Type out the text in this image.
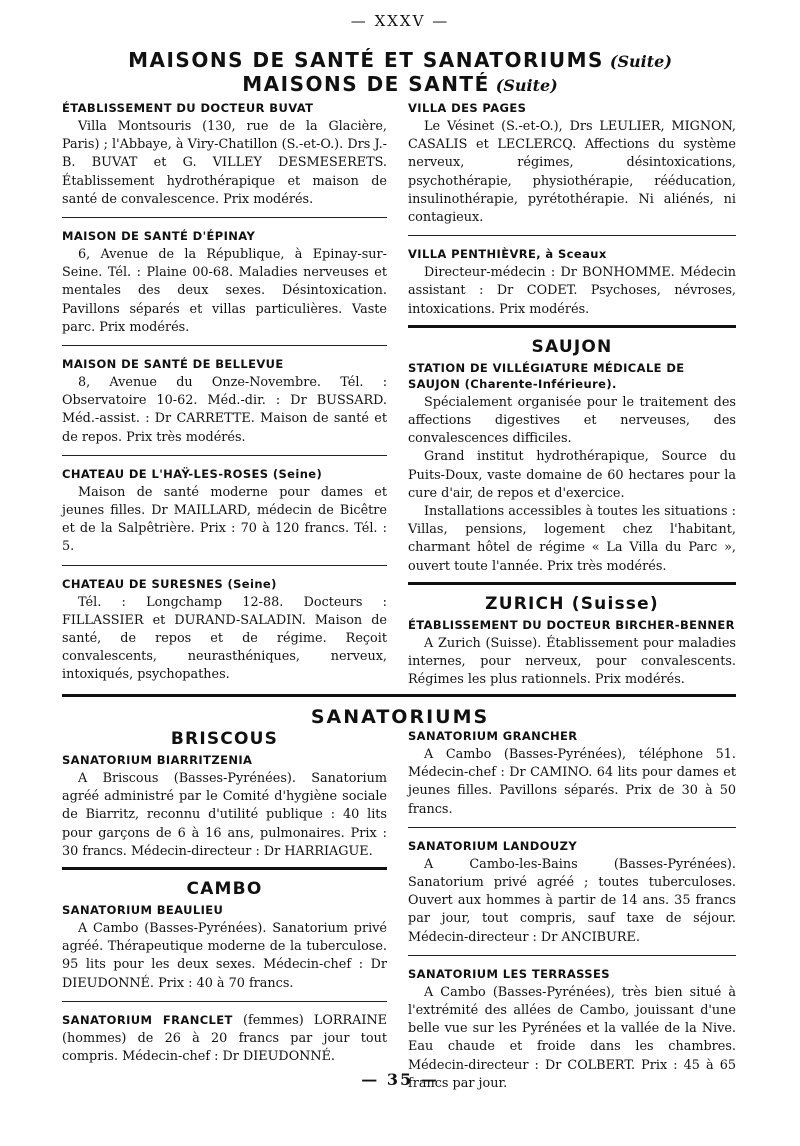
— XXXV —
MAISONS DE SANTÉ ET SANATORIUMS (Suite)
MAISONS DE SANTÉ (Suite)
ÉTABLISSEMENT DU DOCTEUR BUVAT

Villa Montsouris (130, rue de la Glacière, Paris) ; l'Abbaye, à Viry-Chatillon (S.-et-O.). Drs J.-B. BUVAT et G. VILLEY DESMESERETS. Établissement hydrothérapique et maison de santé de convalescence. Prix modérés.

MAISON DE SANTÉ D'ÉPINAY

6, Avenue de la République, à Epinay-sur-Seine. Tél. : Plaine 00-68. Maladies nerveuses et mentales des deux sexes. Désintoxication. Pavillons séparés et villas particulières. Vaste parc. Prix modérés.

MAISON DE SANTÉ DE BELLEVUE

8, Avenue du Onze-Novembre. Tél. : Observatoire 10-62. Méd.-dir. : Dr BUSSARD. Méd.-assist. : Dr CARRETTE. Maison de santé et de repos. Prix très modérés.

CHATEAU DE L'HAŸ-LES-ROSES (Seine)

Maison de santé moderne pour dames et jeunes filles. Dr MAILLARD, médecin de Bicêtre et de la Salpêtrière. Prix : 70 à 120 francs. Tél. : 5.

CHATEAU DE SURESNES (Seine)

Tél. : Longchamp 12-88. Docteurs : FILLASSIER et DURAND-SALADIN. Maison de santé, de repos et de régime. Reçoit convalescents, neurasthéniques, nerveux, intoxiqués, psychopathes.

VILLA DES PAGES

Le Vésinet (S.-et-O.), Drs LEULIER, MIGNON, CASALIS et LECLERCQ. Affections du système nerveux, régimes, désintoxications, psychothérapie, physiothérapie, rééducation, insulinothérapie, pyrétothérapie. Ni aliénés, ni contagieux.

VILLA PENTHIÈVRE, à Sceaux

Directeur-médecin : Dr BONHOMME. Médecin assistant : Dr CODET. Psychoses, névroses, intoxications. Prix modérés.

SAUJON
STATION DE VILLÉGIATURE MÉDICALE DE SAUJON (Charente-Inférieure).

Spécialement organisée pour le traitement des affections digestives et nerveuses, des convalescences difficiles.

Grand institut hydrothérapique, Source du Puits-Doux, vaste domaine de 60 hectares pour la cure d'air, de repos et d'exercice.

Installations accessibles à toutes les situations : Villas, pensions, logement chez l'habitant, charmant hôtel de régime « La Villa du Parc », ouvert toute l'année. Prix très modérés.

ZURICH (Suisse)
ÉTABLISSEMENT DU DOCTEUR BIRCHER-BENNER

A Zurich (Suisse). Établissement pour maladies internes, pour nerveux, pour convalescents. Régimes les plus rationnels. Prix modérés.

SANATORIUMS
BRISCOUS
SANATORIUM BIARRITZENIA

A Briscous (Basses-Pyrénées). Sanatorium agréé administré par le Comité d'hygiène sociale de Biarritz, reconnu d'utilité publique : 40 lits pour garçons de 6 à 16 ans, pulmonaires. Prix : 30 francs. Médecin-directeur : Dr HARRIAGUE.

CAMBO
SANATORIUM BEAULIEU

A Cambo (Basses-Pyrénées). Sanatorium privé agréé. Thérapeutique moderne de la tuberculose. 95 lits pour les deux sexes. Médecin-chef : Dr DIEUDONNÉ. Prix : 40 à 70 francs.

SANATORIUM FRANCLET (femmes) LORRAINE (hommes) de 26 à 20 francs par jour tout compris. Médecin-chef : Dr DIEUDONNÉ.

SANATORIUM GRANCHER

A Cambo (Basses-Pyrénées), téléphone 51. Médecin-chef : Dr CAMINO. 64 lits pour dames et jeunes filles. Pavillons séparés. Prix de 30 à 50 francs.

SANATORIUM LANDOUZY

A Cambo-les-Bains (Basses-Pyrénées). Sanatorium privé agréé ; toutes tuberculoses. Ouvert aux hommes à partir de 14 ans. 35 francs par jour, tout compris, sauf taxe de séjour. Médecin-directeur : Dr ANCIBURE.

SANATORIUM LES TERRASSES

A Cambo (Basses-Pyrénées), très bien situé à l'extrémité des allées de Cambo, jouissant d'une belle vue sur les Pyrénées et la vallée de la Nive. Eau chaude et froide dans les chambres. Médecin-directeur : Dr COLBERT. Prix : 45 à 65 francs par jour.

— 35 —
